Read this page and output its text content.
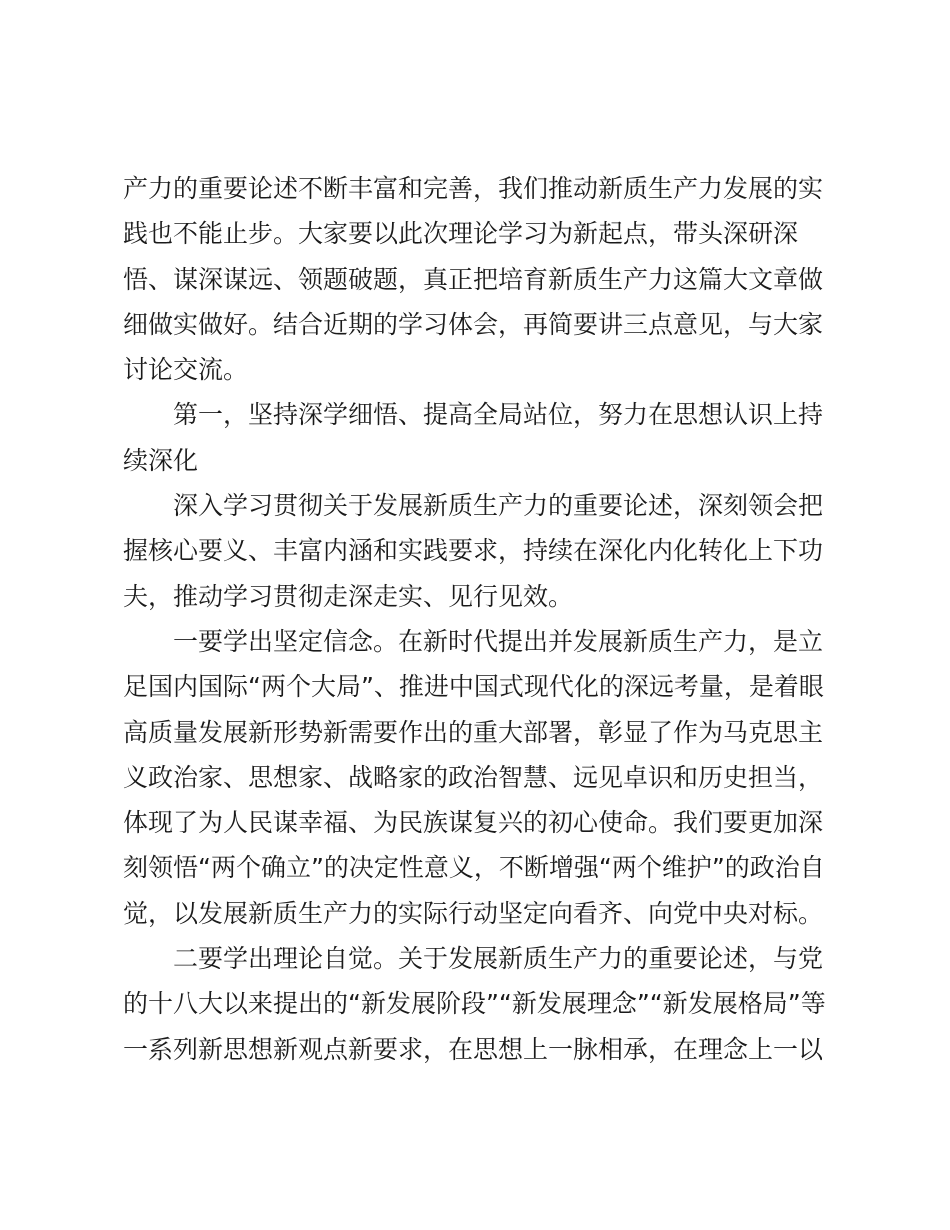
产力的重要论述不断丰富和完善，我们推动新质生产力发展的实
践也不能止步。大家要以此次理论学习为新起点，带头深研深
悟、谋深谋远、领题破题，真正把培育新质生产力这篇大文章做
细做实做好。结合近期的学习体会，再简要讲三点意见，与大家
讨论交流。
第一，坚持深学细悟、提高全局站位，努力在思想认识上持
续深化
深入学习贯彻关于发展新质生产力的重要论述，深刻领会把
握核心要义、丰富内涵和实践要求，持续在深化内化转化上下功
夫，推动学习贯彻走深走实、见行见效。
一要学出坚定信念。在新时代提出并发展新质生产力，是立
足国内国际“两个大局”、推进中国式现代化的深远考量，是着眼
高质量发展新形势新需要作出的重大部署，彰显了作为马克思主
义政治家、思想家、战略家的政治智慧、远见卓识和历史担当，
体现了为人民谋幸福、为民族谋复兴的初心使命。我们要更加深
刻领悟“两个确立”的决定性意义，不断增强“两个维护”的政治自
觉，以发展新质生产力的实际行动坚定向看齐、向党中央对标。
二要学出理论自觉。关于发展新质生产力的重要论述，与党
的十八大以来提出的“新发展阶段”“新发展理念”“新发展格局”等
一系列新思想新观点新要求，在思想上一脉相承，在理念上一以
